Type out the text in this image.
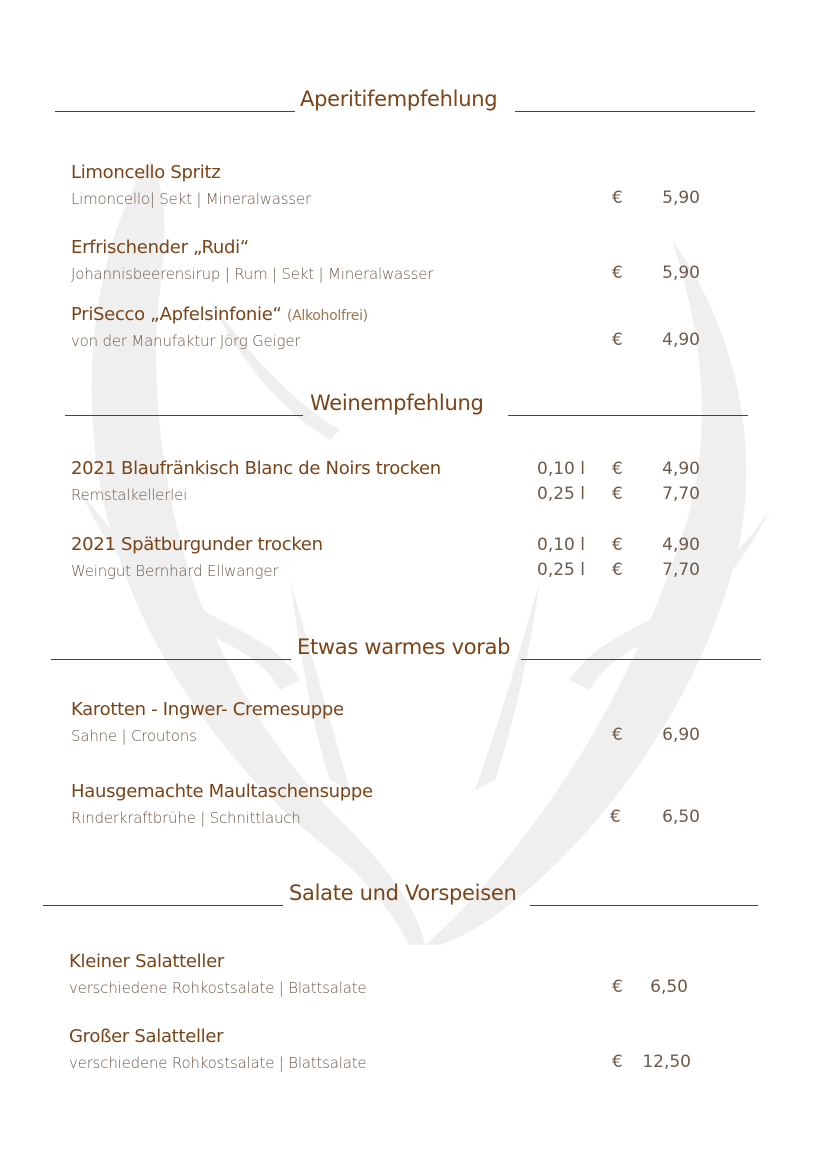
Aperitifempfehlung
Limoncello Spritz
Limoncello| Sekt | Mineralwasser	€	5,90
Erfrischender „Rudi“
Johannisbeerensirup | Rum | Sekt | Mineralwasser	€	5,90
PriSecco „Apfelsinfonie“ (Alkoholfrei)
von der Manufaktur Jörg Geiger	€	4,90
Weinempfehlung
2021 Blaufränkisch Blanc de Noirs trocken
Remstalkellerlei
0,10 l €	4,90
0,25 l €	7,70
2021 Spätburgunder trocken
Weingut Bernhard Ellwanger
0,10 l €	4,90
0,25 l €	7,70
Etwas warmes vorab
Karotten - Ingwer- Cremesuppe
Sahne | Croutons	€	6,90
Hausgemachte Maultaschensuppe
Rinderkraftbrühe | Schnittlauch	€	6,50
Salate und Vorspeisen
Kleiner Salatteller
verschiedene Rohkostsalate | Blattsalate	€	6,50
Großer Salatteller
verschiedene Rohkostsalate | Blattsalate	€	12,50
